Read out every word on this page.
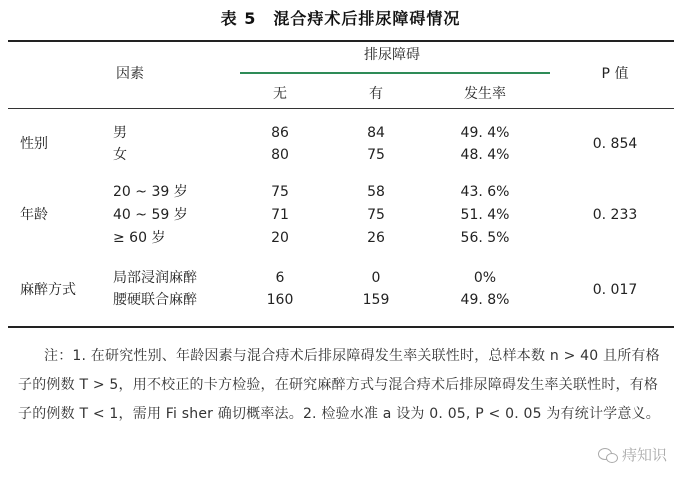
表 5　混合痔术后排尿障碍情况
因素
排尿障碍
P 值
无	有	发生率
性别
男	86	84	49. 4%
女	80	75	48. 4%
0. 854
年龄
20 ~ 39 岁	75	58	43. 6%
40 ~ 59 岁	71	75	51. 4%
≥ 60 岁	20	26	56. 5%
0. 233
麻醉方式
局部浸润麻醉	6	0	0%
腰硬联合麻醉	160	159	49. 8%
0. 017
注：1. 在研究性别、年龄因素与混合痔术后排尿障碍发生率关联性时，总样本数 n > 40 且所有格子的例数 T > 5，用不校正的卡方检验，在研究麻醉方式与混合痔术后排尿障碍发生率关联性时，有格子的例数 T < 1，需用 Fi sher 确切概率法。2. 检验水准 a 设为 0. 05, P < 0. 05 为有统计学意义。
痔知识
